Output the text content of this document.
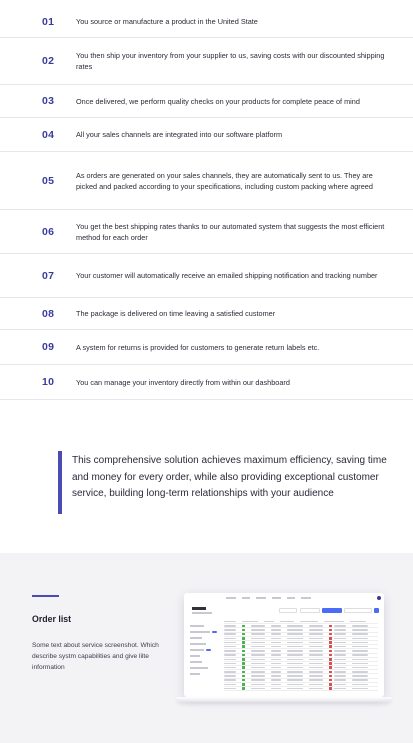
01	You source or manufacture a product in the United State
02	You then ship your inventory from your supplier to us, saving costs with our discounted shipping rates
03	Once delivered, we perform quality checks on your products for complete peace of mind
04	All your sales channels are integrated into our software platform
05	As orders are generated on your sales channels, they are automatically sent to us. They are picked and packed according to your specifications, including custom packing where agreed
06	You get the best shipping rates thanks to our automated system that suggests the most efficient method for each order
07	Your customer will automatically receive an emailed shipping notification and tracking number
08	The package is delivered on time leaving a satisfied customer
09	A system for returns is provided for customers to generate return labels etc.
10	You can manage your inventory directly from within our dashboard

This comprehensive solution achieves maximum efficiency, saving time and money for every order, while also providing exceptional customer service, building long-term relationships with your audience

Order list
Some text about service screenshot. Which describe systm capabilities and give lilte information
